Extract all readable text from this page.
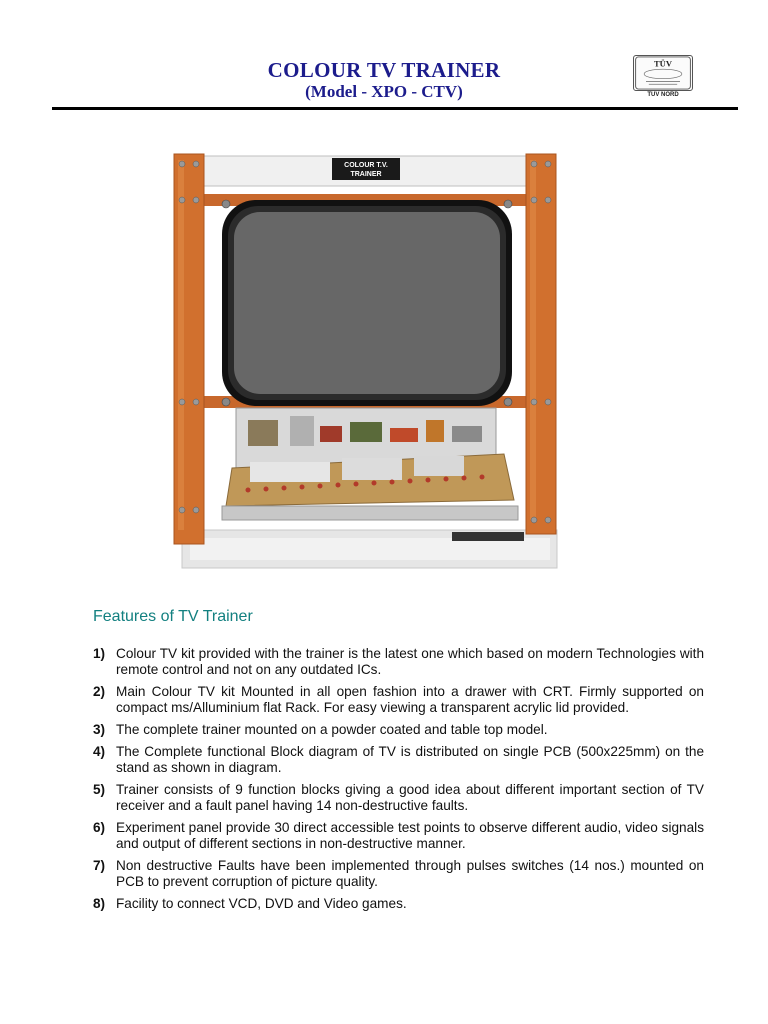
COLOUR TV TRAINER
(Model - XPO - CTV)
TÜV
TUV NORD
COLOUR T.V.
TRAINER
Features of TV Trainer
1) Colour TV kit provided with the trainer is the latest one which based on modern Technologies with remote control and not on any outdated ICs.
2) Main Colour TV kit Mounted in all open fashion into a drawer with CRT. Firmly supported on compact ms/Alluminium flat Rack. For easy viewing a transparent acrylic lid provided.
3) The complete trainer mounted on a powder coated and table top model.
4) The Complete functional Block diagram of TV is distributed on single PCB (500x225mm) on the stand as shown in diagram.
5) Trainer consists of 9 function blocks giving a good idea about different important section of TV receiver and a fault panel having 14 non-destructive faults.
6) Experiment panel provide 30 direct accessible test points to observe different audio, video signals and output of different sections in non-destructive manner.
7) Non destructive Faults have been implemented through pulses switches (14 nos.) mounted on PCB to prevent corruption of picture quality.
8) Facility to connect VCD, DVD and Video games.
